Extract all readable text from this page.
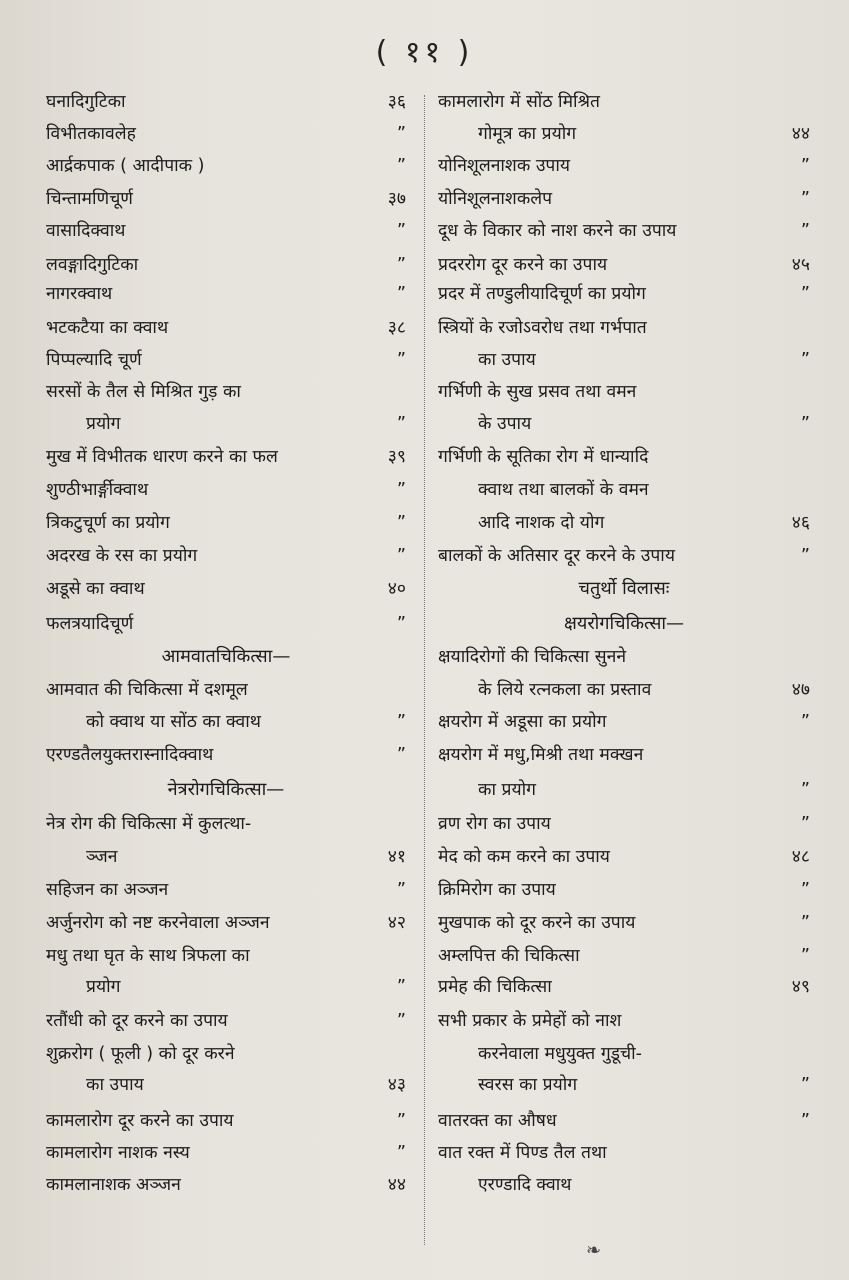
( ११ )
घनादिगुटिका	३६
विभीतकावलेह	”
आर्द्रकपाक ( आदीपाक )	”
चिन्तामणिचूर्ण	३७
वासादिक्वाथ	”
लवङ्गादिगुटिका	”
नागरक्वाथ	”
भटकटैया का क्वाथ	३८
पिप्पल्यादि चूर्ण	”
सरसों के तैल से मिश्रित गुड़ का
प्रयोग	”
मुख में विभीतक धारण करने का फल	३९
शुण्ठीभार्ङ्गीक्वाथ	”
त्रिकटुचूर्ण का प्रयोग	”
अदरख के रस का प्रयोग	”
अडूसे का क्वाथ	४०
फलत्रयादिचूर्ण	”
आमवातचिकित्सा—
आमवात की चिकित्सा में दशमूल
को क्वाथ या सोंठ का क्वाथ	”
एरण्डतैलयुक्तरास्नादिक्वाथ	”
नेत्ररोगचिकित्सा—
नेत्र रोग की चिकित्सा में कुलत्था-
ञ्जन	४१
सहिजन का अञ्जन	”
अर्जुनरोग को नष्ट करनेवाला अञ्जन	४२
मधु तथा घृत के साथ त्रिफला का
प्रयोग	”
रतौंधी को दूर करने का उपाय	”
शुक्ररोग ( फूली ) को दूर करने
का उपाय	४३
कामलारोग दूर करने का उपाय	”
कामलारोग नाशक नस्य	”
कामलानाशक अञ्जन	४४
कामलारोग में सोंठ मिश्रित
गोमूत्र का प्रयोग	४४
योनिशूलनाशक उपाय	”
योनिशूलनाशकलेप	”
दूध के विकार को नाश करने का उपाय	”
प्रदररोग दूर करने का उपाय	४५
प्रदर में तण्डुलीयादिचूर्ण का प्रयोग	”
स्त्रियों के रजोऽवरोध तथा गर्भपात
का उपाय	”
गर्भिणी के सुख प्रसव तथा वमन
के उपाय	”
गर्भिणी के सूतिका रोग में धान्यादि
क्वाथ तथा बालकों के वमन
आदि नाशक दो योग	४६
बालकों के अतिसार दूर करने के उपाय	”
चतुर्थो विलासः
क्षयरोगचिकित्सा—
क्षयादिरोगों की चिकित्सा सुनने
के लिये रत्नकला का प्रस्ताव	४७
क्षयरोग में अडूसा का प्रयोग	”
क्षयरोग में मधु,मिश्री तथा मक्खन
का प्रयोग	”
व्रण रोग का उपाय	”
मेद को कम करने का उपाय	४८
क्रिमिरोग का उपाय	”
मुखपाक को दूर करने का उपाय	”
अम्लपित्त की चिकित्सा	”
प्रमेह की चिकित्सा	४९
सभी प्रकार के प्रमेहों को नाश
करनेवाला मधुयुक्त गुडूची-
स्वरस का प्रयोग	”
वातरक्त का औषध	”
वात रक्त में पिण्ड तैल तथा
एरण्डादि क्वाथ
❧
